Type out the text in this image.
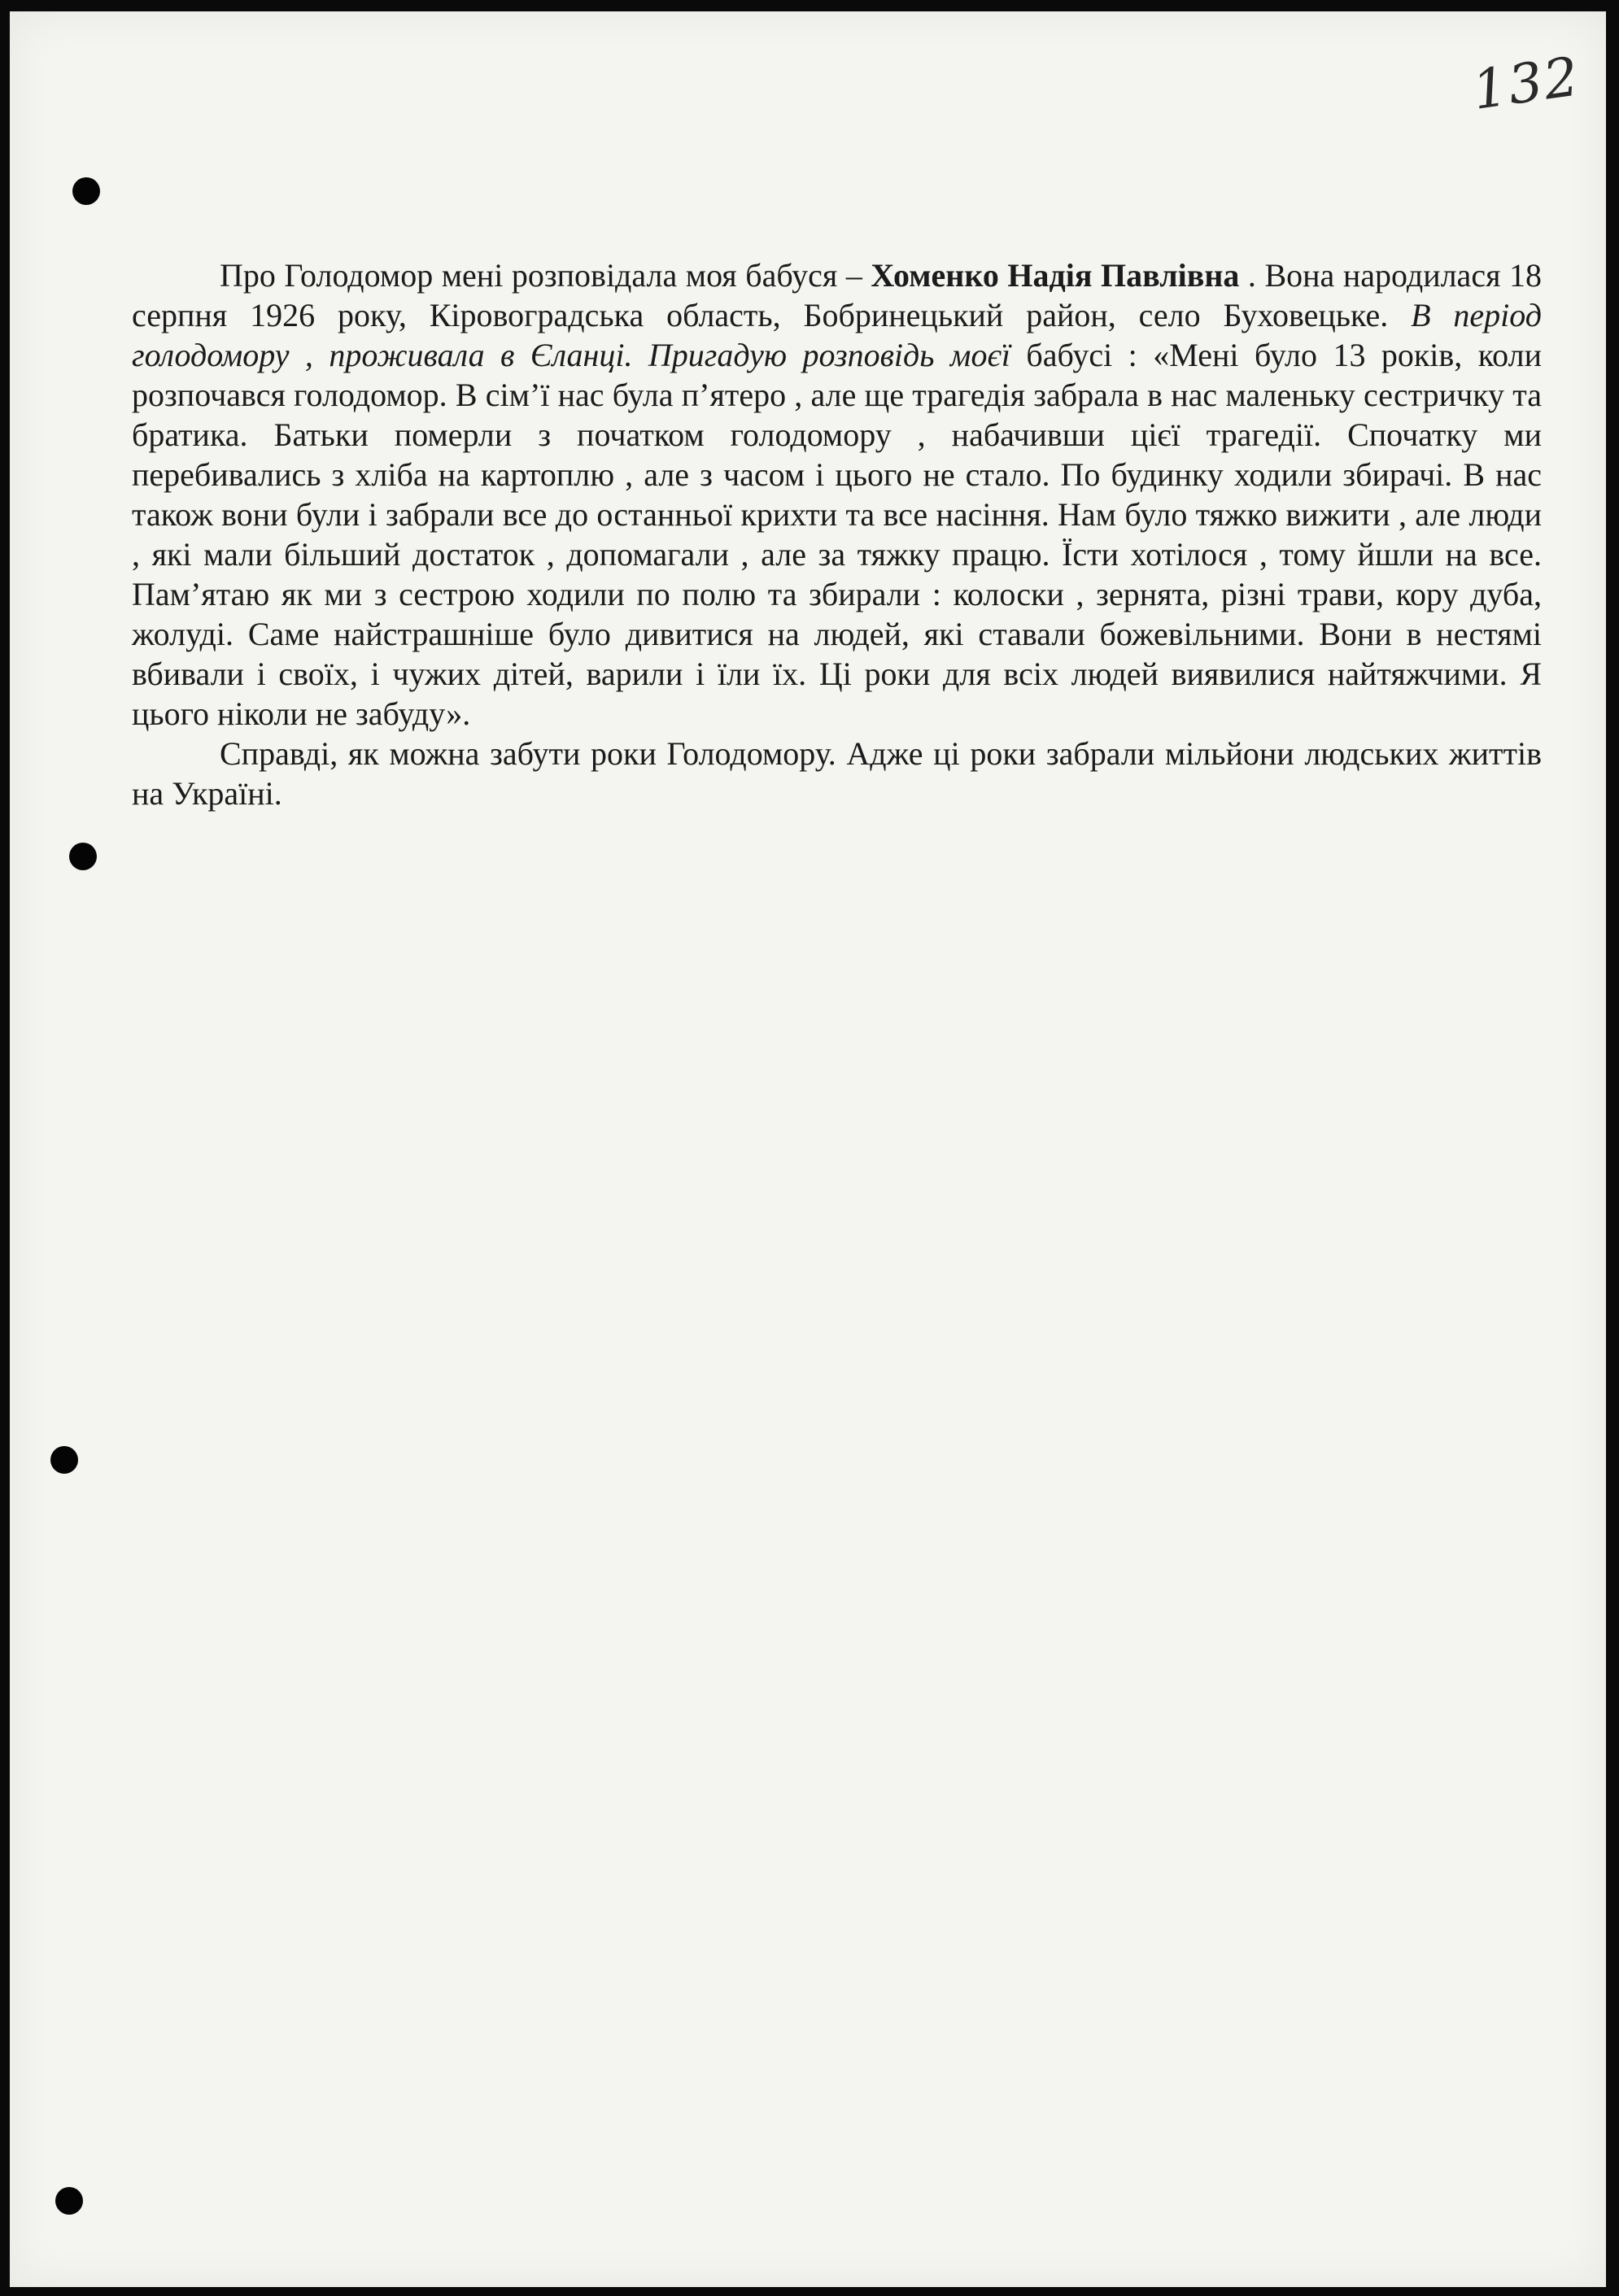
132

Про Голодомор мені розповідала моя бабуся – Хоменко Надія Павлівна . Вона народилася 18 серпня 1926 року, Кіровоградська область, Бобринецький район, село Буховецьке. В період голодомору , проживала в Єланці. Пригадую розповідь моєї бабусі : «Мені було 13 років, коли розпочався голодомор. В сім’ї нас була п’ятеро , але ще трагедія забрала в нас маленьку сестричку та братика. Батьки померли з початком голодомору , набачивши цієї трагедії. Спочатку ми перебивались з хліба на картоплю , але з часом і цього не стало. По будинку ходили збирачі. В нас також вони були і забрали все до останньої крихти та все насіння. Нам було тяжко вижити , але люди , які мали більший достаток , допомагали , але за тяжку працю. Їсти хотілося , тому йшли на все. Пам’ятаю як ми з сестрою ходили по полю та збирали : колоски , зернята, різні трави, кору дуба, жолуді. Саме найстрашніше було дивитися на людей, які ставали божевільними. Вони в нестямі вбивали і своїх, і чужих дітей, варили і їли їх. Ці роки для всіх людей виявилися найтяжчими. Я цього ніколи не забуду».

Справді, як можна забути роки Голодомору. Адже ці роки забрали мільйони людських життів на Україні.
